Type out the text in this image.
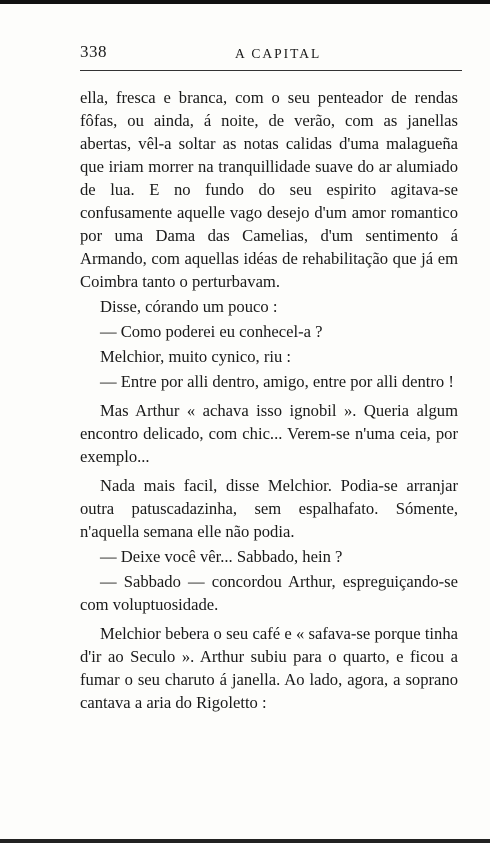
338	A CAPITAL

ella, fresca e branca, com o seu penteador de rendas fôfas, ou ainda, á noite, de verão, com as janellas abertas, vêl-a soltar as notas calidas d'uma malagueña que iriam morrer na tranquillidade suave do ar alumiado de lua. E no fundo do seu espirito agitava-se confusamente aquelle vago desejo d'um amor romantico por uma Dama das Camelias, d'um sentimento á Armando, com aquellas idéas de rehabilitação que já em Coimbra tanto o perturbavam.

Disse, córando um pouco :

— Como poderei eu conhecel-a ?

Melchior, muito cynico, riu :

— Entre por alli dentro, amigo, entre por alli dentro !

Mas Arthur « achava isso ignobil ». Queria algum encontro delicado, com chic... Verem-se n'uma ceia, por exemplo...

Nada mais facil, disse Melchior. Podia-se arranjar outra patuscadazinha, sem espalhafato. Sómente, n'aquella semana elle não podia.

— Deixe você vêr... Sabbado, hein ?

— Sabbado — concordou Arthur, espreguiçando-se com voluptuosidade.

Melchior bebera o seu café e « safava-se porque tinha d'ir ao Seculo ». Arthur subiu para o quarto, e ficou a fumar o seu charuto á janella. Ao lado, agora, a soprano cantava a aria do Rigoletto :
